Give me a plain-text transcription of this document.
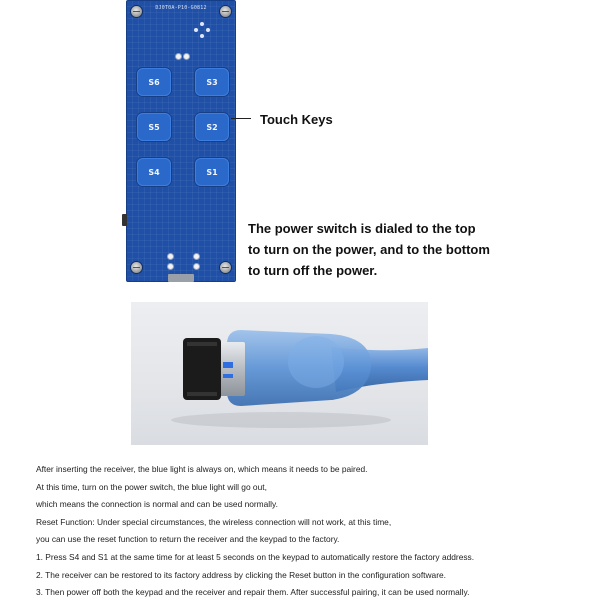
DJ0T0A-P10-G0812
S6	S3
S5	S2
S4	S1
Touch Keys
The power switch is dialed to the top
to turn on the power, and to the bottom
to turn off the power.
After inserting the receiver, the blue light is always on, which means it needs to be paired.
At this time, turn on the power switch, the blue light will go out,
which means the connection is normal and can be used normally.
Reset Function: Under special circumstances, the wireless connection will not work, at this time,
you can use the reset function to return the receiver and the keypad to the factory.
1. Press S4 and S1 at the same time for at least 5 seconds on the keypad to automatically restore the factory address.
2. The receiver can be restored to its factory address by clicking the Reset button in the configuration software.
3. Then power off both the keypad and the receiver and repair them. After successful pairing, it can be used normally.
